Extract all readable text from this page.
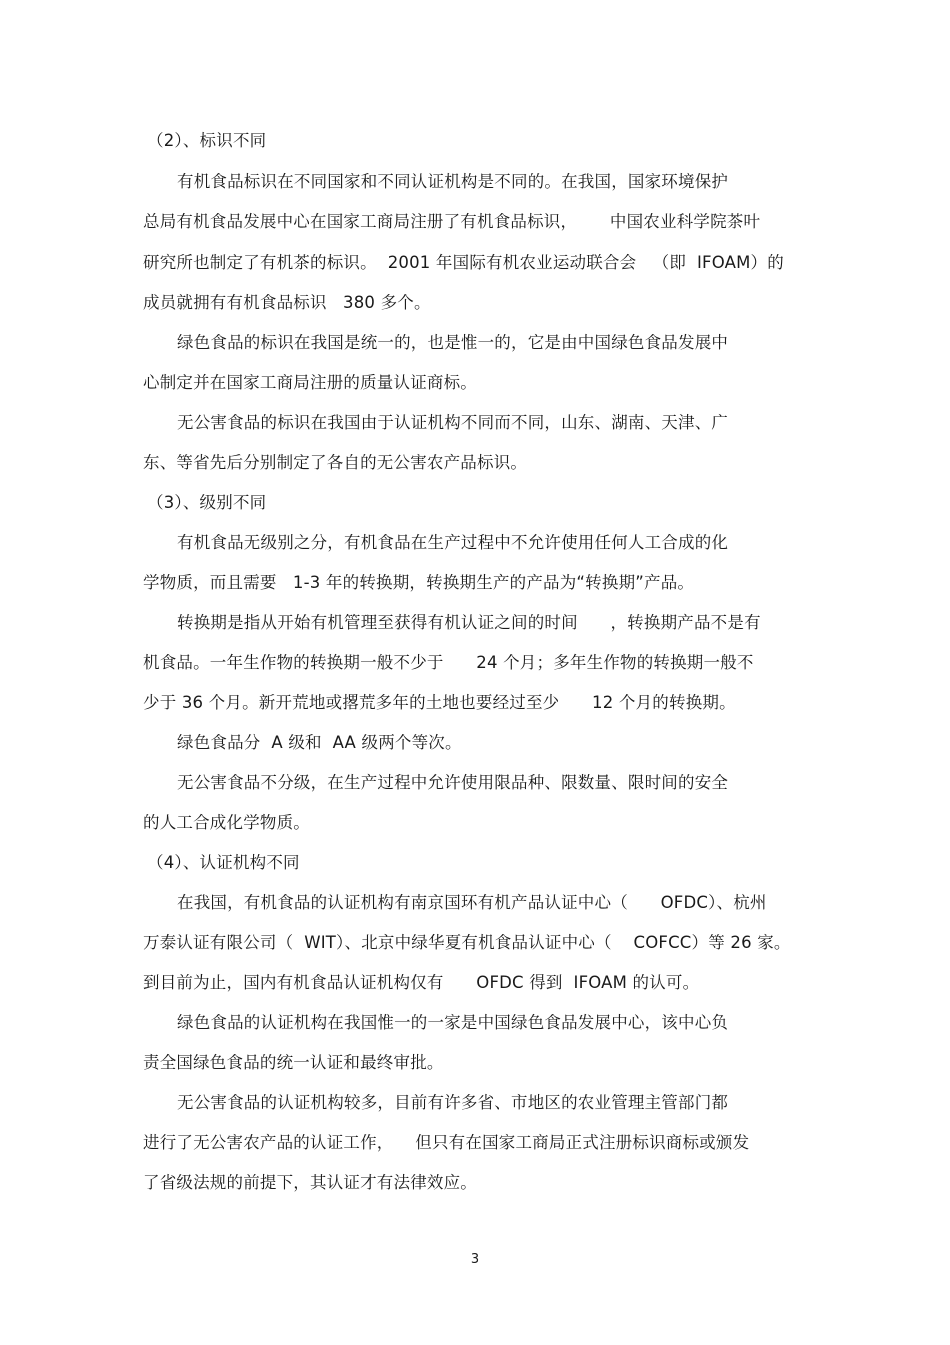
（2）、标识不同
有机食品标识在不同国家和不同认证机构是不同的。在我国，国家环境保护
总局有机食品发展中心在国家工商局注册了有机食品标识，      中国农业科学院茶叶
研究所也制定了有机茶的标识。  2001 年国际有机农业运动联合会   （即  IFOAM）的
成员就拥有有机食品标识   380 多个。
绿色食品的标识在我国是统一的，也是惟一的，它是由中国绿色食品发展中
心制定并在国家工商局注册的质量认证商标。
无公害食品的标识在我国由于认证机构不同而不同，山东、湖南、天津、广
东、等省先后分别制定了各自的无公害农产品标识。
（3）、级别不同
有机食品无级别之分，有机食品在生产过程中不允许使用任何人工合成的化
学物质，而且需要   1-3 年的转换期，转换期生产的产品为“转换期”产品。
转换期是指从开始有机管理至获得有机认证之间的时间      ，转换期产品不是有
机食品。一年生作物的转换期一般不少于      24 个月；多年生作物的转换期一般不
少于 36 个月。新开荒地或撂荒多年的土地也要经过至少      12 个月的转换期。
绿色食品分  A 级和  AA 级两个等次。
无公害食品不分级，在生产过程中允许使用限品种、限数量、限时间的安全
的人工合成化学物质。
（4）、认证机构不同
在我国，有机食品的认证机构有南京国环有机产品认证中心（      OFDC）、杭州
万泰认证有限公司（  WIT）、北京中绿华夏有机食品认证中心（    COFCC）等 26 家。
到目前为止，国内有机食品认证机构仅有      OFDC 得到  IFOAM 的认可。
绿色食品的认证机构在我国惟一的一家是中国绿色食品发展中心，该中心负
责全国绿色食品的统一认证和最终审批。
无公害食品的认证机构较多，目前有许多省、市地区的农业管理主管部门都
进行了无公害农产品的认证工作，    但只有在国家工商局正式注册标识商标或颁发
了省级法规的前提下，其认证才有法律效应。
3
